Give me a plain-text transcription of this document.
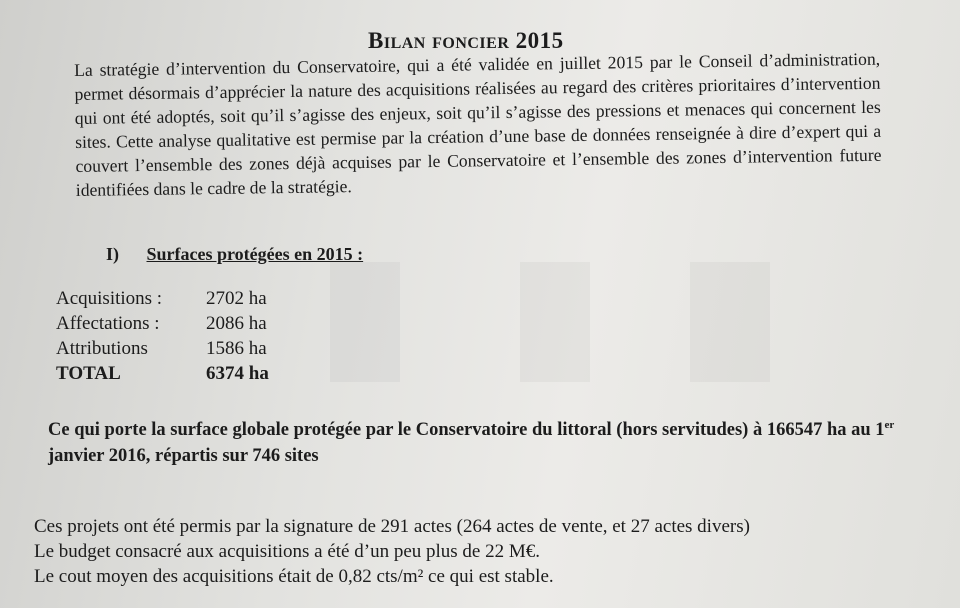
Bilan foncier 2015
La stratégie d’intervention du Conservatoire, qui a été validée en juillet 2015 par le Conseil d’administration, permet désormais d’apprécier la nature des acquisitions réalisées au regard des critères prioritaires d’intervention qui ont été adoptés, soit qu’il s’agisse des enjeux, soit qu’il s’agisse des pressions et menaces qui concernent les sites. Cette analyse qualitative est permise par la création d’une base de données renseignée à dire d’expert qui a couvert l’ensemble des zones déjà acquises par le Conservatoire et l’ensemble des zones d’intervention future identifiées dans le cadre de la stratégie.
I) Surfaces protégées en 2015 :
Acquisitions :	2702 ha
Affectations :	2086 ha
Attributions	1586 ha
TOTAL	6374 ha
Ce qui porte la surface globale protégée par le Conservatoire du littoral (hors servitudes) à 166547 ha au 1er janvier 2016, répartis sur 746 sites

Ces projets ont été permis par la signature de 291 actes (264 actes de vente, et 27 actes divers)

Le budget consacré aux acquisitions a été d’un peu plus de 22 M€.

Le cout moyen des acquisitions était de 0,82 cts/m² ce qui est stable.
